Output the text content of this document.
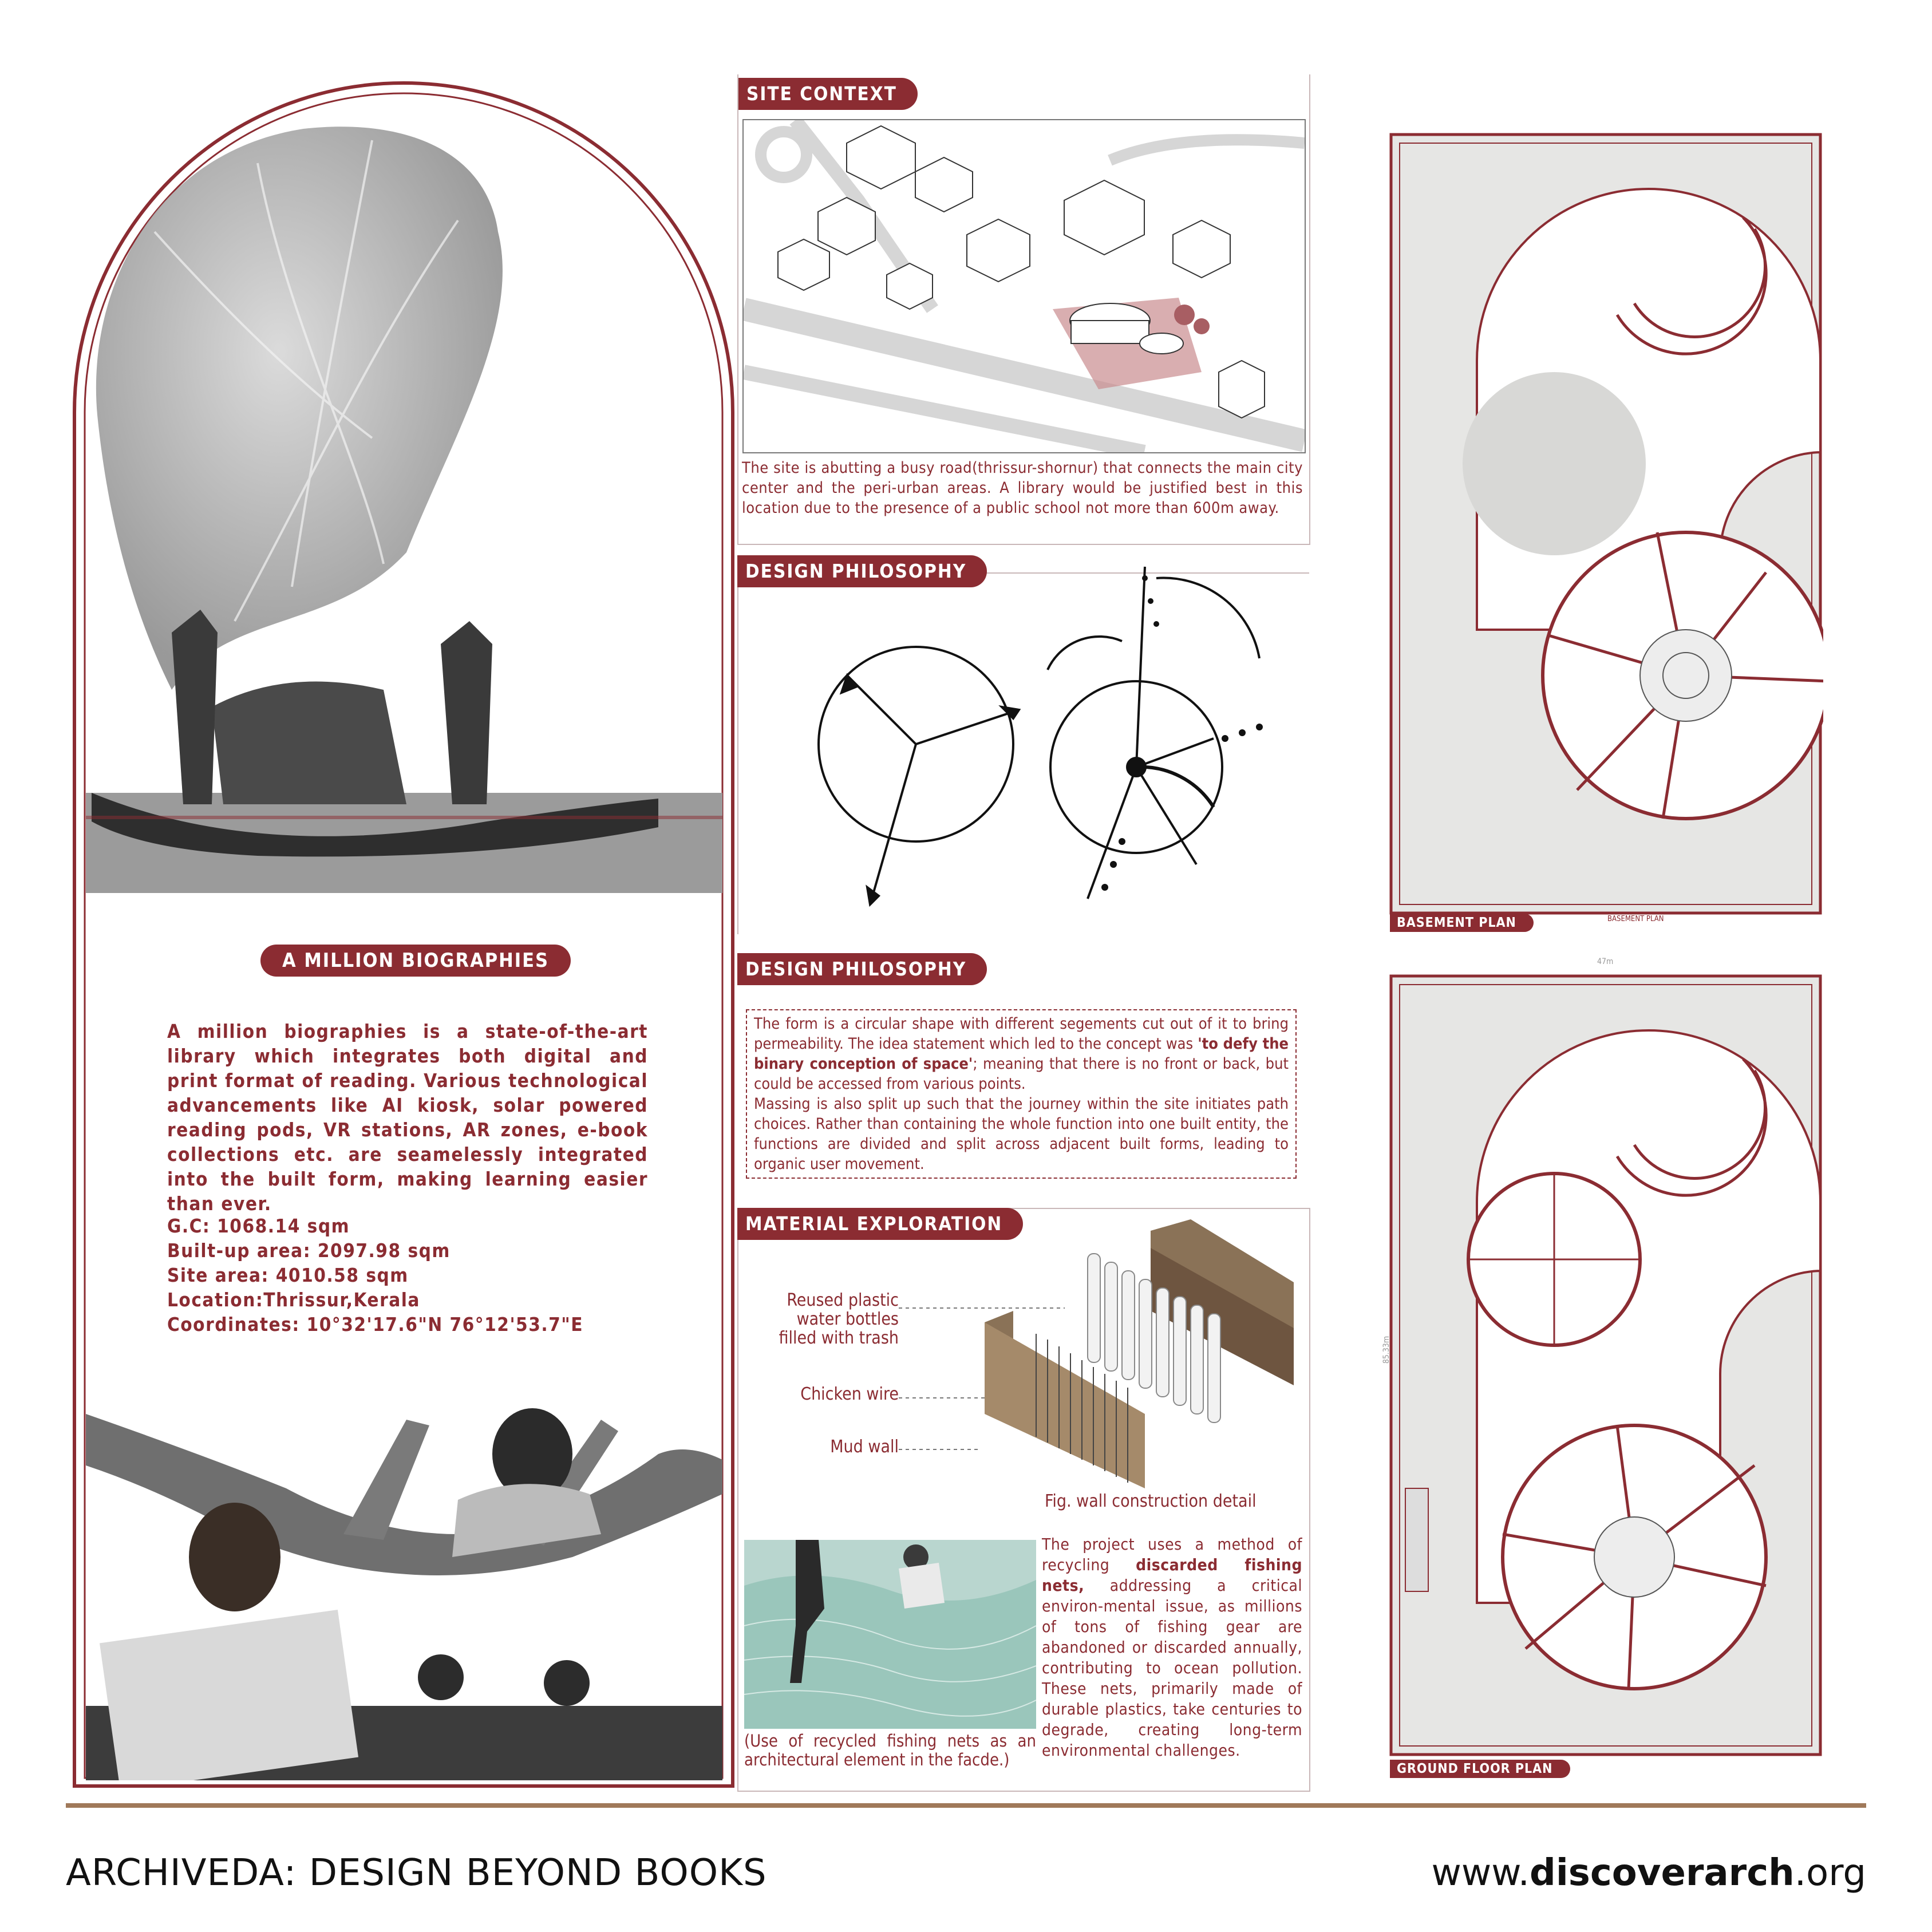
A MILLION BIOGRAPHIES

A million biographies is a state-of-the-art library which integrates both digital and print format of reading. Various technological advancements like AI kiosk, solar powered reading pods, VR stations, AR zones, e-book collections etc. are seamelessly integrated into the built form, making learning easier than ever.

G.C: 1068.14 sqm
Built-up area: 2097.98 sqm
Site area: 4010.58 sqm
Location:Thrissur,Kerala
Coordinates: 10°32'17.6"N 76°12'53.7"E
SITE CONTEXT
The site is abutting a busy road(thrissur-shornur) that connects the main city center and the peri-urban areas. A library would be justified best in this location due to the presence of a public school not more than 600m away.
DESIGN PHILOSOPHY
DESIGN PHILOSOPHY
The form is a circular shape with different segements cut out of it to bring permeability. The idea statement which led to the concept was 'to defy the binary conception of space'; meaning that there is no front or back, but could be accessed from various points.
Massing is also split up such that the journey within the site initiates path choices. Rather than containing the whole function into one built entity, the functions are divided and split across adjacent built forms, leading to organic user movement.
MATERIAL EXPLORATION
Reused plastic water bottles filled with trash
Chicken wire
Mud wall
Fig. wall construction detail
(Use of recycled fishing nets as an architectural element in the facde.)
The project uses a method of recycling discarded fishing nets, addressing a critical environ-mental issue, as millions of tons of fishing gear are abandoned or discarded annually, contributing to ocean pollution. These nets, primarily made of durable plastics, take centuries to degrade, creating long-term environmental challenges.
BASEMENT PLAN	BASEMENT PLAN
47m
85.33m
GROUND FLOOR PLAN
ARCHIVEDA: DESIGN BEYOND BOOKS	www.discoverarch.org
